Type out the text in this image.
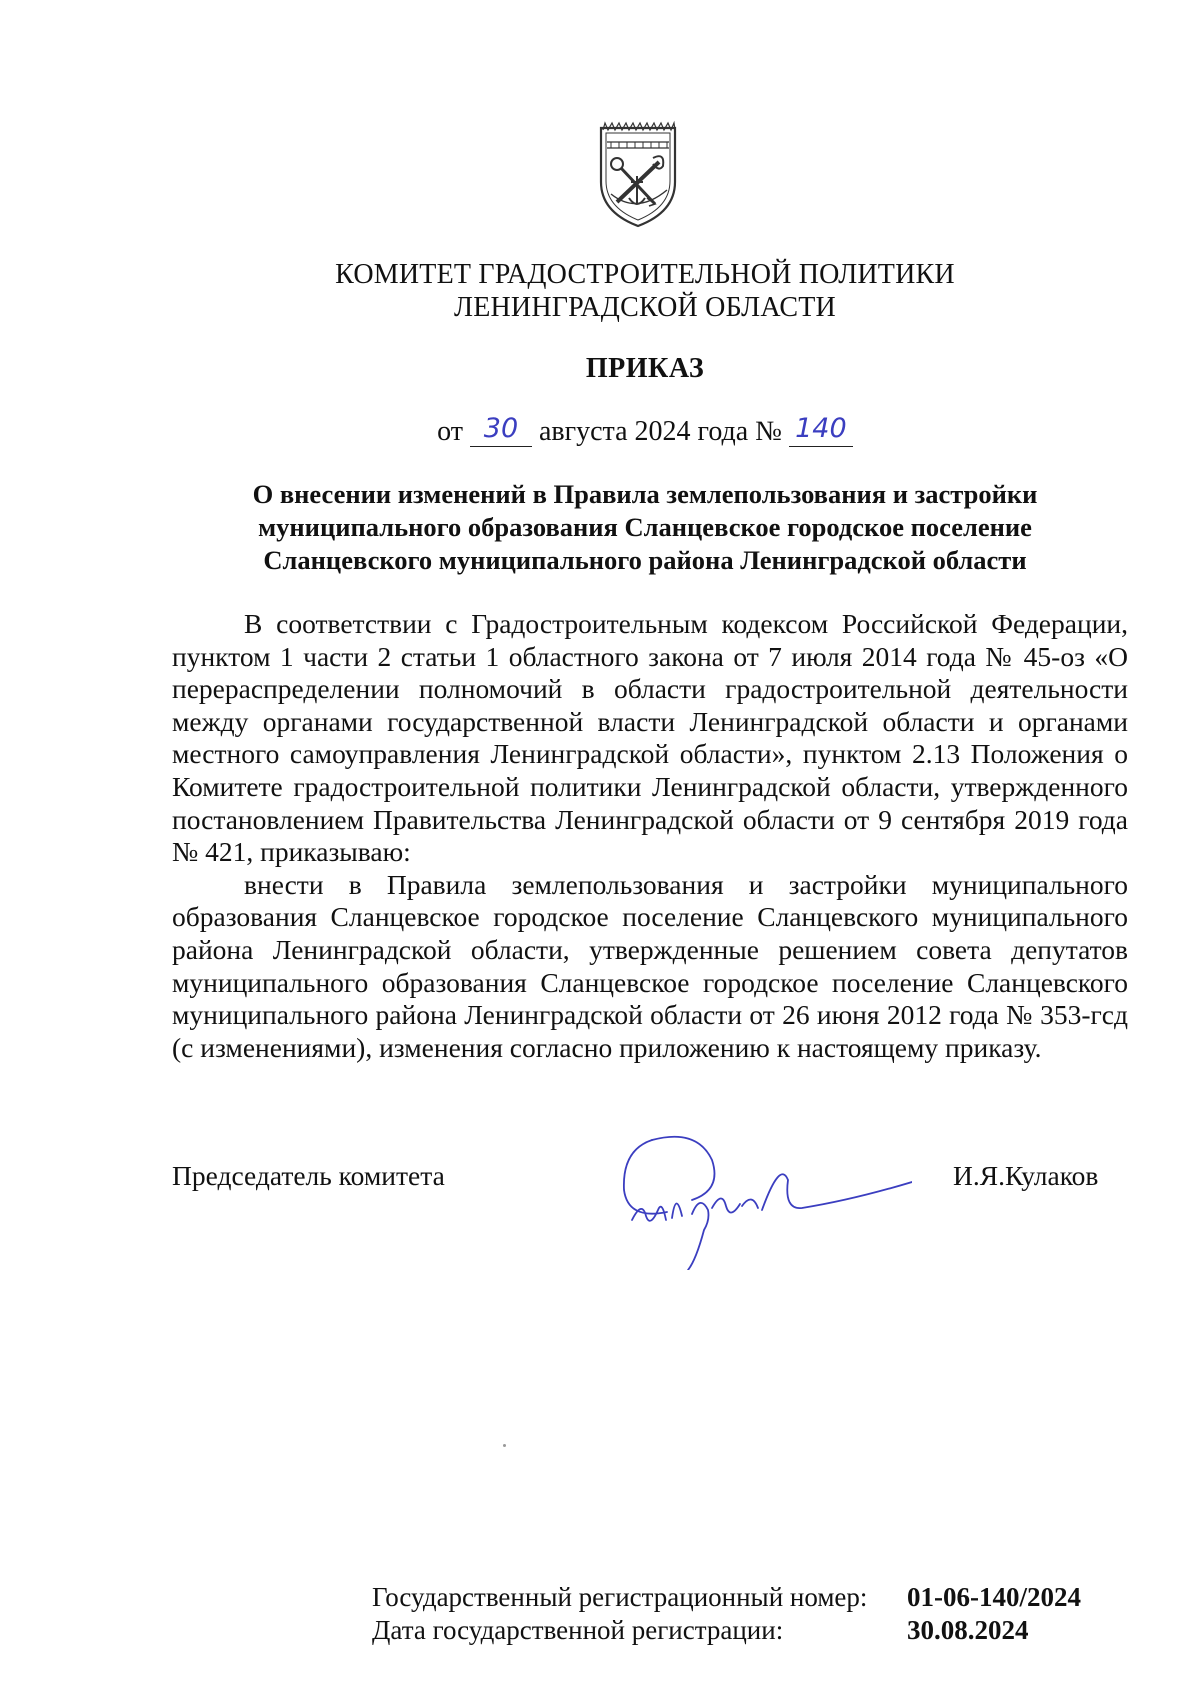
КОМИТЕТ ГРАДОСТРОИТЕЛЬНОЙ ПОЛИТИКИ
ЛЕНИНГРАДСКОЙ ОБЛАСТИ
ПРИКАЗ
от 30 августа 2024 года № 140
О внесении изменений в Правила землепользования и застройки
муниципального образования Сланцевское городское поселение
Сланцевского муниципального района Ленинградской области

В соответствии с Градостроительным кодексом Российской Федерации, пунктом 1 части 2 статьи 1 областного закона от 7 июля 2014 года № 45-оз «О перераспределении полномочий в области градостроительной деятельности между органами государственной власти Ленинградской области и органами местного самоуправления Ленинградской области», пунктом 2.13 Положения о Комитете градостроительной политики Ленинградской области, утвержденного постановлением Правительства Ленинградской области от 9 сентября 2019 года № 421, приказываю:

внести в Правила землепользования и застройки муниципального образования Сланцевское городское поселение Сланцевского муниципального района Ленинградской области, утвержденные решением совета депутатов муниципального образования Сланцевское городское поселение Сланцевского муниципального района Ленинградской области от 26 июня 2012 года № 353-гсд (с изменениями), изменения согласно приложению к настоящему приказу.

Председатель комитета	И.Я.Кулаков
Государственный регистрационный номер:	01-06-140/2024
Дата государственной регистрации:	30.08.2024
